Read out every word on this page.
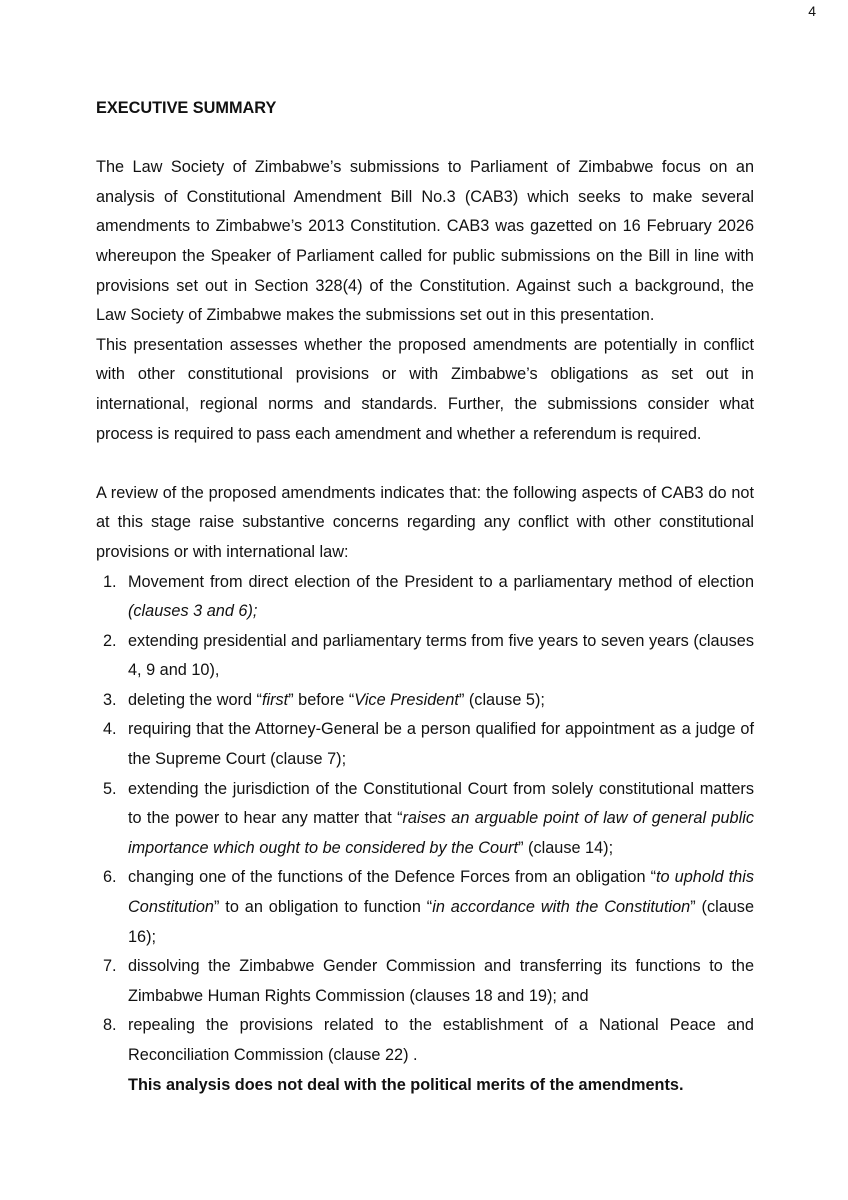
4
EXECUTIVE SUMMARY

The Law Society of Zimbabwe’s submissions to Parliament of Zimbabwe focus on an analysis of Constitutional Amendment Bill No.3 (CAB3) which seeks to make several amendments to Zimbabwe’s 2013 Constitution. CAB3 was gazetted on 16 February 2026 whereupon the Speaker of Parliament called for public submissions on the Bill in line with provisions set out in Section 328(4) of the Constitution. Against such a background, the Law Society of Zimbabwe makes the submissions set out in this presentation.

This presentation assesses whether the proposed amendments are potentially in conflict with other constitutional provisions or with Zimbabwe’s obligations as set out in international, regional norms and standards. Further, the submissions consider what process is required to pass each amendment and whether a referendum is required.

A review of the proposed amendments indicates that: the following aspects of CAB3 do not at this stage raise substantive concerns regarding any conflict with other constitutional provisions or with international law:

1. Movement from direct election of the President to a parliamentary method of election (clauses 3 and 6);
2. extending presidential and parliamentary terms from five years to seven years (clauses 4, 9 and 10),
3. deleting the word “first” before “Vice President” (clause 5);
4. requiring that the Attorney-General be a person qualified for appointment as a judge of the Supreme Court (clause 7);
5. extending the jurisdiction of the Constitutional Court from solely constitutional matters to the power to hear any matter that “raises an arguable point of law of general public importance which ought to be considered by the Court” (clause 14);
6. changing one of the functions of the Defence Forces from an obligation “to uphold this Constitution” to an obligation to function “in accordance with the Constitution” (clause 16);
7. dissolving the Zimbabwe Gender Commission and transferring its functions to the Zimbabwe Human Rights Commission (clauses 18 and 19); and
8. repealing the provisions related to the establishment of a National Peace and Reconciliation Commission (clause 22) .
This analysis does not deal with the political merits of the amendments.
